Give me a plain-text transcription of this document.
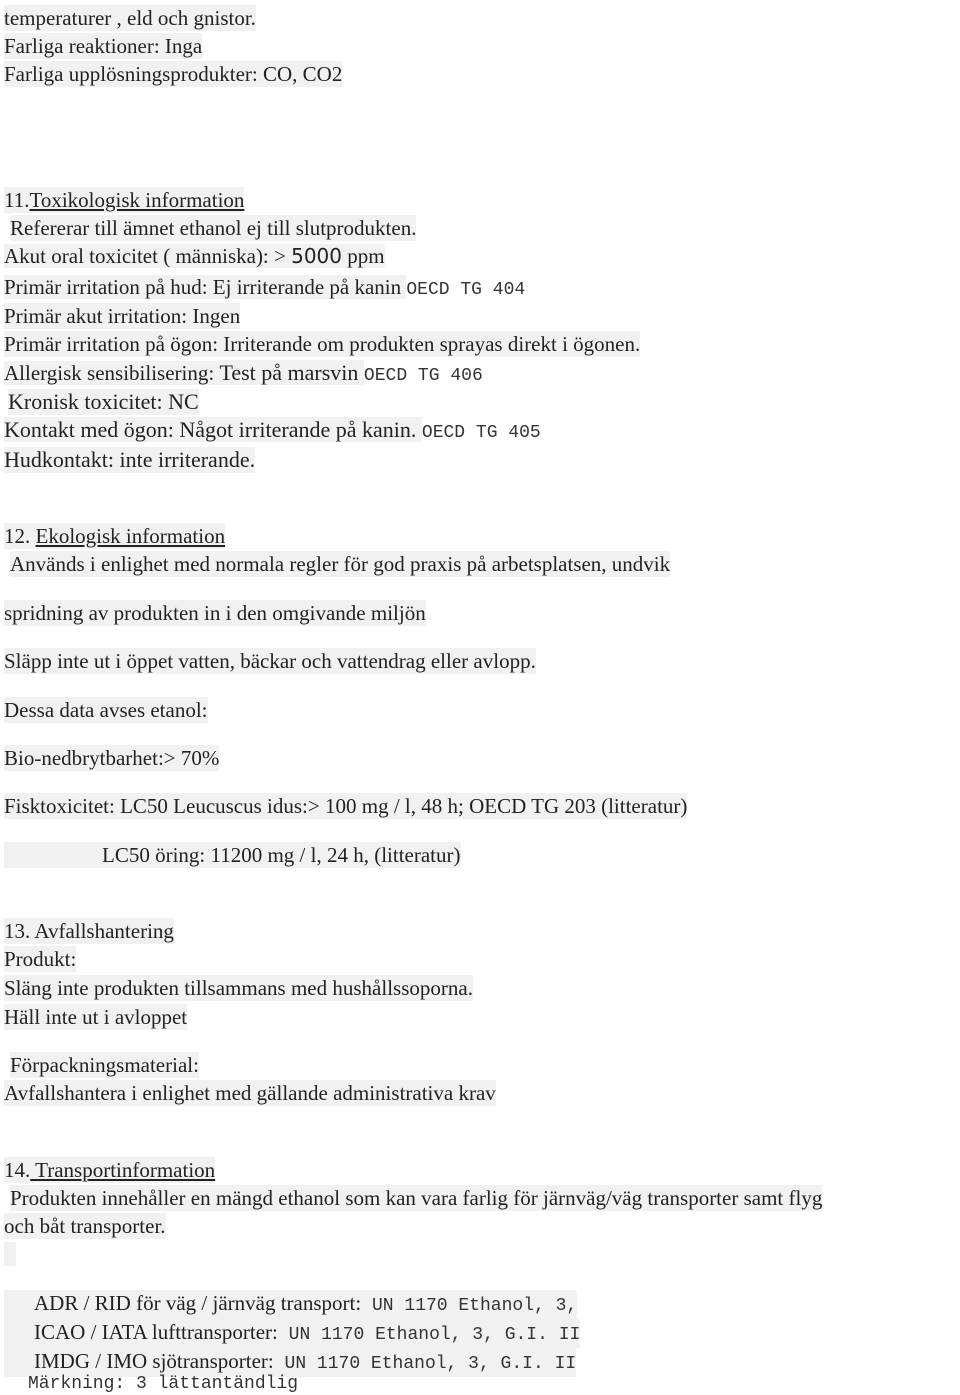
temperaturer , eld och gnistor.
Farliga reaktioner: Inga
Farliga upplösningsprodukter: CO, CO2
11.Toxikologisk information
Refererar till ämnet ethanol ej till slutprodukten.
Akut oral toxicitet ( människa): > 5000 ppm
Primär irritation på hud: Ej irriterande på kanin OECD TG 404
Primär akut irritation: Ingen
Primär irritation på ögon: Irriterande om produkten sprayas direkt i ögonen.
Allergisk sensibilisering: Test på marsvin OECD TG 406
Kronisk toxicitet: NC
Kontakt med ögon: Något irriterande på kanin. OECD TG 405
Hudkontakt: inte irriterande.
12. Ekologisk information
Används i enlighet med normala regler för god praxis på arbetsplatsen, undvik
spridning av produkten in i den omgivande miljön
Släpp inte ut i öppet vatten, bäckar och vattendrag eller avlopp.
Dessa data avses etanol:
Bio-nedbrytbarhet:> 70%
Fisktoxicitet: LC50 Leucuscus idus:> 100 mg / l, 48 h; OECD TG 203 (litteratur)
LC50 öring: 11200 mg / l, 24 h, (litteratur)
13. Avfallshantering
Produkt:
Släng inte produkten tillsammans med hushållssoporna.
Häll inte ut i avloppet
Förpackningsmaterial:
Avfallshantera i enlighet med gällande administrativa krav
14. Transportinformation
Produkten innehåller en mängd ethanol som kan vara farlig för järnväg/väg transporter samt flyg
och båt transporter.
ADR / RID för väg / järnväg transport: UN 1170 Ethanol, 3,
ICAO / IATA lufttransporter: UN 1170 Ethanol, 3, G.I. II
IMDG / IMO sjötransporter: UN 1170 Ethanol, 3, G.I. II
Märkning: 3 lättantändlig
